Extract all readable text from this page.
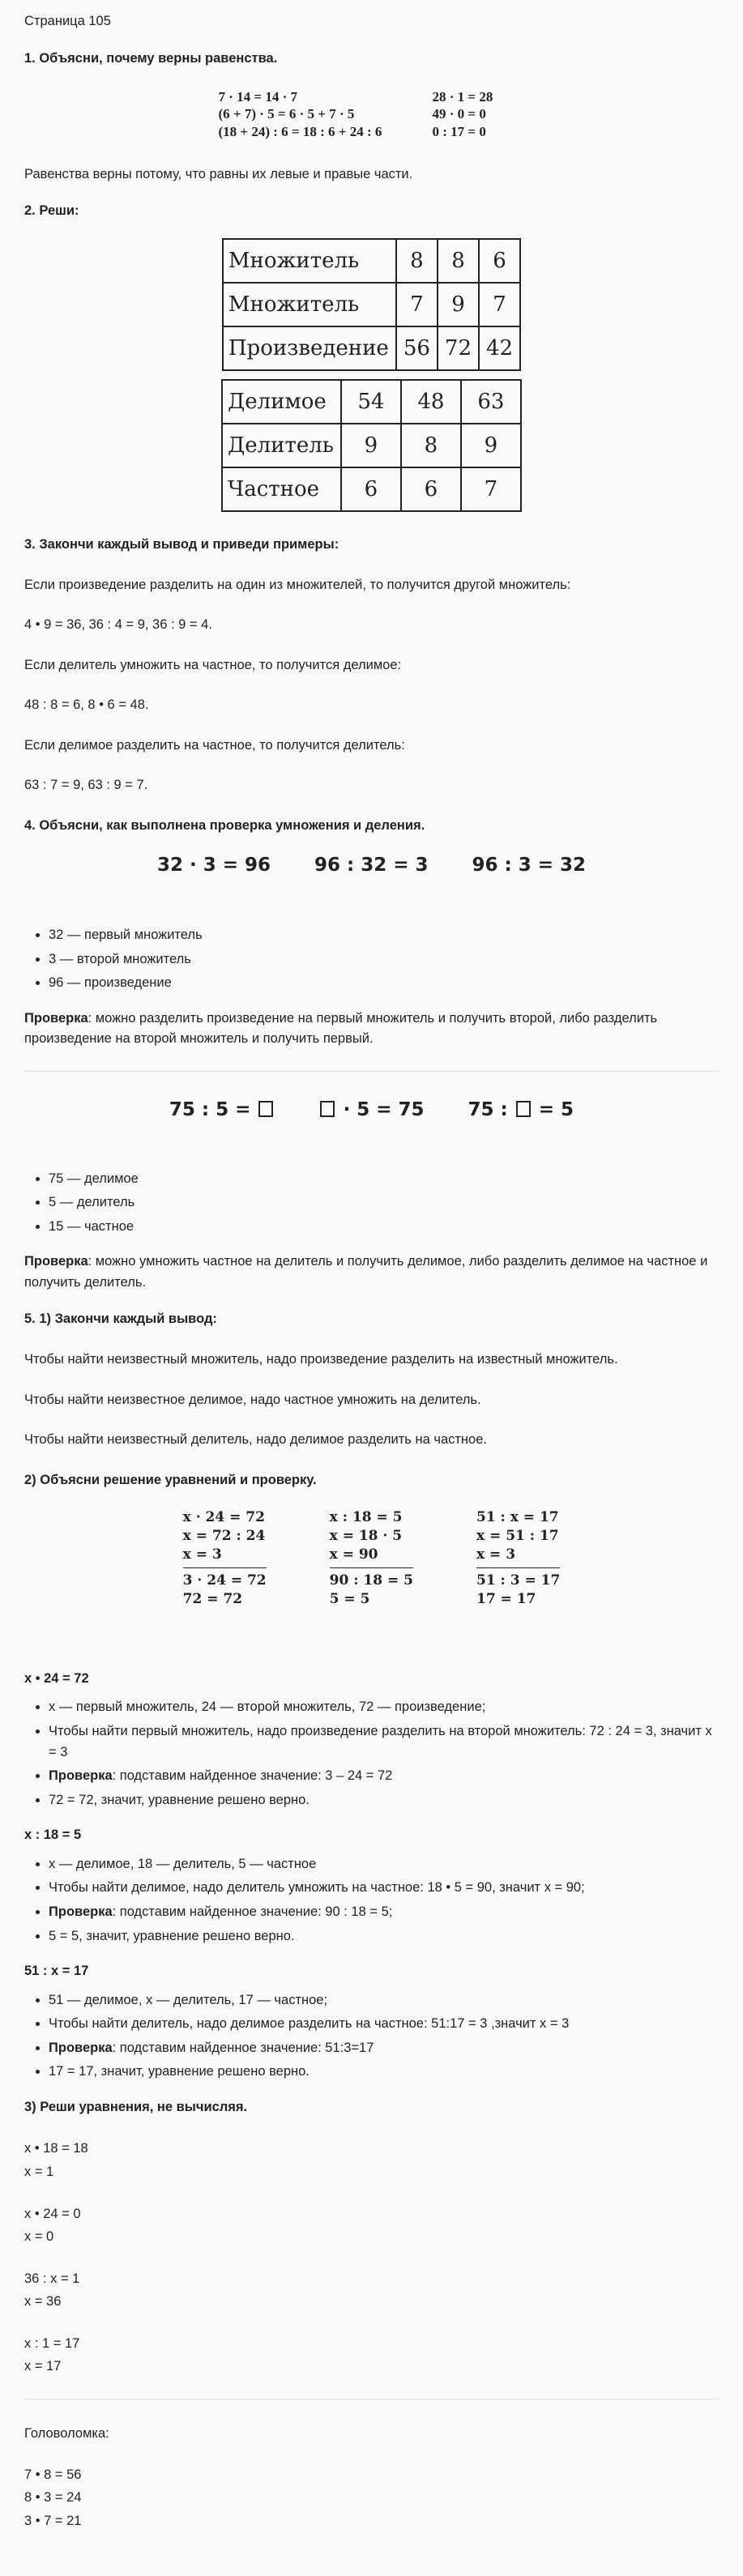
Страница 105

1. Объясни, почему верны равенства.

7 · 14 = 14 · 7	28 · 1 = 28
(6 + 7) · 5 = 6 · 5 + 7 · 5	49 · 0 = 0
(18 + 24) : 6 = 18 : 6 + 24 : 6	0 : 17 = 0

Равенства верны потому, что равны их левые и правые части.

2. Реши:

Множитель	8	8	6
Множитель	7	9	7
Произведение	56	72	42
Делимое	54	48	63
Делитель	9	8	9
Частное	6	6	7

3. Закончи каждый вывод и приведи примеры:

Если произведение разделить на один из множителей, то получится другой множитель:

4 • 9 = 36, 36 : 4 = 9, 36 : 9 = 4.

Если делитель умножить на частное, то получится делимое:

48 : 8 = 6, 8 • 6 = 48.

Если делимое разделить на частное, то получится делитель:

63 : 7 = 9, 63 : 9 = 7.

4. Объясни, как выполнена проверка умножения и деления.

32 · 3 = 96 96 : 32 = 3 96 : 3 = 32
• 32 — первый множитель
• 3 — второй множитель
• 96 — произведение

Проверка: можно разделить произведение на первый множитель и получить второй, либо разделить произведение на второй множитель и получить первый.

75 : 5 =	· 5 = 75 75 : = 5
• 75 — делимое
• 5 — делитель
• 15 — частное

Проверка: можно умножить частное на делитель и получить делимое, либо разделить делимое на частное и получить делитель.

5. 1) Закончи каждый вывод:

Чтобы найти неизвестный множитель, надо произведение разделить на известный множитель.

Чтобы найти неизвестное делимое, надо частное умножить на делитель.

Чтобы найти неизвестный делитель, надо делимое разделить на частное.

2) Объясни решение уравнений и проверку.

x · 24 = 72
x = 72 : 24
x = 3
3 · 24 = 72
72 = 72
x : 18 = 5
x = 18 · 5
x = 90
90 : 18 = 5
5 = 5
51 : x = 17
x = 51 : 17
x = 3
51 : 3 = 17
17 = 17

x • 24 = 72

• x — первый множитель, 24 — второй множитель, 72 — произведение;
• Чтобы найти первый множитель, надо произведение разделить на второй множитель: 72 : 24 = 3, значит x = 3
• Проверка: подставим найденное значение: 3 – 24 = 72
• 72 = 72, значит, уравнение решено верно.

x : 18 = 5

• x — делимое, 18 — делитель, 5 — частное
• Чтобы найти делимое, надо делитель умножить на частное: 18 • 5 = 90, значит x = 90;
• Проверка: подставим найденное значение: 90 : 18 = 5;
• 5 = 5, значит, уравнение решено верно.

51 : x = 17

• 51 — делимое, x — делитель, 17 — частное;
• Чтобы найти делитель, надо делимое разделить на частное: 51:17 = 3 ,значит x = 3
• Проверка: подставим найденное значение: 51:3=17
• 17 = 17, значит, уравнение решено верно.

3) Реши уравнения, не вычисляя.

x • 18 = 18
x = 1
x • 24 = 0
x = 0
36 : x = 1
x = 36
x : 1 = 17
x = 17

Головоломка:

7 • 8 = 56
8 • 3 = 24
3 • 7 = 21
